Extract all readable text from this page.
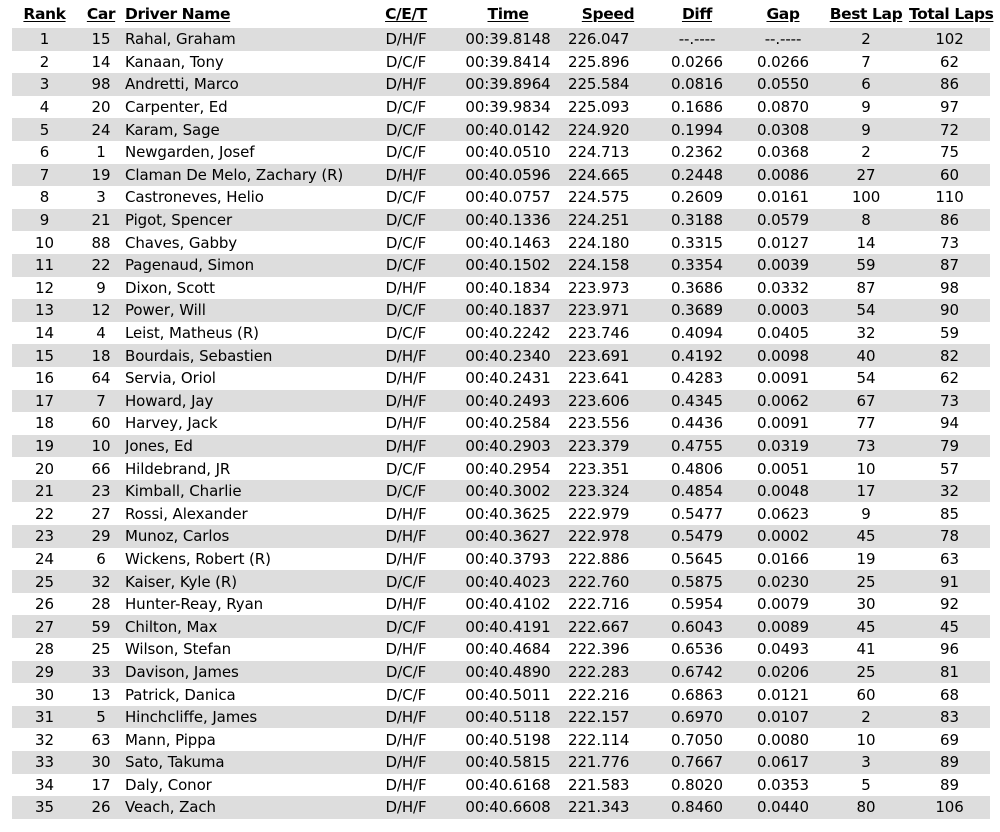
Rank	Car	Driver Name	C/E/T	Time	Speed	Diff	Gap	Best Lap	Total Laps
1	15	Rahal, Graham	D/H/F	00:39.8148	226.047	--.----	--.----	2	102
2	14	Kanaan, Tony	D/C/F	00:39.8414	225.896	0.0266	0.0266	7	62
3	98	Andretti, Marco	D/H/F	00:39.8964	225.584	0.0816	0.0550	6	86
4	20	Carpenter, Ed	D/C/F	00:39.9834	225.093	0.1686	0.0870	9	97
5	24	Karam, Sage	D/C/F	00:40.0142	224.920	0.1994	0.0308	9	72
6	1	Newgarden, Josef	D/C/F	00:40.0510	224.713	0.2362	0.0368	2	75
7	19	Claman De Melo, Zachary (R)	D/H/F	00:40.0596	224.665	0.2448	0.0086	27	60
8	3	Castroneves, Helio	D/C/F	00:40.0757	224.575	0.2609	0.0161	100	110
9	21	Pigot, Spencer	D/C/F	00:40.1336	224.251	0.3188	0.0579	8	86
10	88	Chaves, Gabby	D/C/F	00:40.1463	224.180	0.3315	0.0127	14	73
11	22	Pagenaud, Simon	D/C/F	00:40.1502	224.158	0.3354	0.0039	59	87
12	9	Dixon, Scott	D/H/F	00:40.1834	223.973	0.3686	0.0332	87	98
13	12	Power, Will	D/C/F	00:40.1837	223.971	0.3689	0.0003	54	90
14	4	Leist, Matheus (R)	D/C/F	00:40.2242	223.746	0.4094	0.0405	32	59
15	18	Bourdais, Sebastien	D/H/F	00:40.2340	223.691	0.4192	0.0098	40	82
16	64	Servia, Oriol	D/H/F	00:40.2431	223.641	0.4283	0.0091	54	62
17	7	Howard, Jay	D/H/F	00:40.2493	223.606	0.4345	0.0062	67	73
18	60	Harvey, Jack	D/H/F	00:40.2584	223.556	0.4436	0.0091	77	94
19	10	Jones, Ed	D/H/F	00:40.2903	223.379	0.4755	0.0319	73	79
20	66	Hildebrand, JR	D/C/F	00:40.2954	223.351	0.4806	0.0051	10	57
21	23	Kimball, Charlie	D/C/F	00:40.3002	223.324	0.4854	0.0048	17	32
22	27	Rossi, Alexander	D/H/F	00:40.3625	222.979	0.5477	0.0623	9	85
23	29	Munoz, Carlos	D/H/F	00:40.3627	222.978	0.5479	0.0002	45	78
24	6	Wickens, Robert (R)	D/H/F	00:40.3793	222.886	0.5645	0.0166	19	63
25	32	Kaiser, Kyle (R)	D/C/F	00:40.4023	222.760	0.5875	0.0230	25	91
26	28	Hunter-Reay, Ryan	D/H/F	00:40.4102	222.716	0.5954	0.0079	30	92
27	59	Chilton, Max	D/C/F	00:40.4191	222.667	0.6043	0.0089	45	45
28	25	Wilson, Stefan	D/H/F	00:40.4684	222.396	0.6536	0.0493	41	96
29	33	Davison, James	D/C/F	00:40.4890	222.283	0.6742	0.0206	25	81
30	13	Patrick, Danica	D/C/F	00:40.5011	222.216	0.6863	0.0121	60	68
31	5	Hinchcliffe, James	D/H/F	00:40.5118	222.157	0.6970	0.0107	2	83
32	63	Mann, Pippa	D/H/F	00:40.5198	222.114	0.7050	0.0080	10	69
33	30	Sato, Takuma	D/H/F	00:40.5815	221.776	0.7667	0.0617	3	89
34	17	Daly, Conor	D/H/F	00:40.6168	221.583	0.8020	0.0353	5	89
35	26	Veach, Zach	D/H/F	00:40.6608	221.343	0.8460	0.0440	80	106
